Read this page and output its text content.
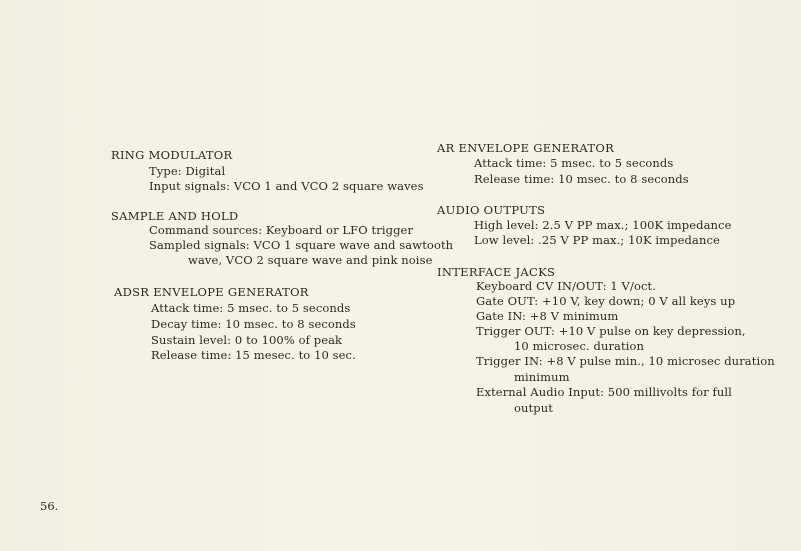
RING MODULATOR
Type: Digital
Input signals: VCO 1 and VCO 2 square waves
SAMPLE AND HOLD
Command sources: Keyboard or LFO trigger
Sampled signals: VCO 1 square wave and sawtooth
wave, VCO 2 square wave and pink noise
ADSR ENVELOPE GENERATOR
Attack time: 5 msec. to 5 seconds
Decay time: 10 msec. to 8 seconds
Sustain level: 0 to 100% of peak
Release time: 15 mesec. to 10 sec.
AR ENVELOPE GENERATOR
Attack time: 5 msec. to 5 seconds
Release time: 10 msec. to 8 seconds
AUDIO OUTPUTS
High level: 2.5 V PP max.; 100K impedance
Low level: .25 V PP max.; 10K impedance
INTERFACE JACKS
Keyboard CV IN/OUT: 1 V/oct.
Gate OUT: +10 V, key down; 0 V all keys up
Gate IN: +8 V minimum
Trigger OUT: +10 V pulse on key depression,
10 microsec. duration
Trigger IN: +8 V pulse min., 10 microsec duration
minimum
External Audio Input: 500 millivolts for full
output
56.
